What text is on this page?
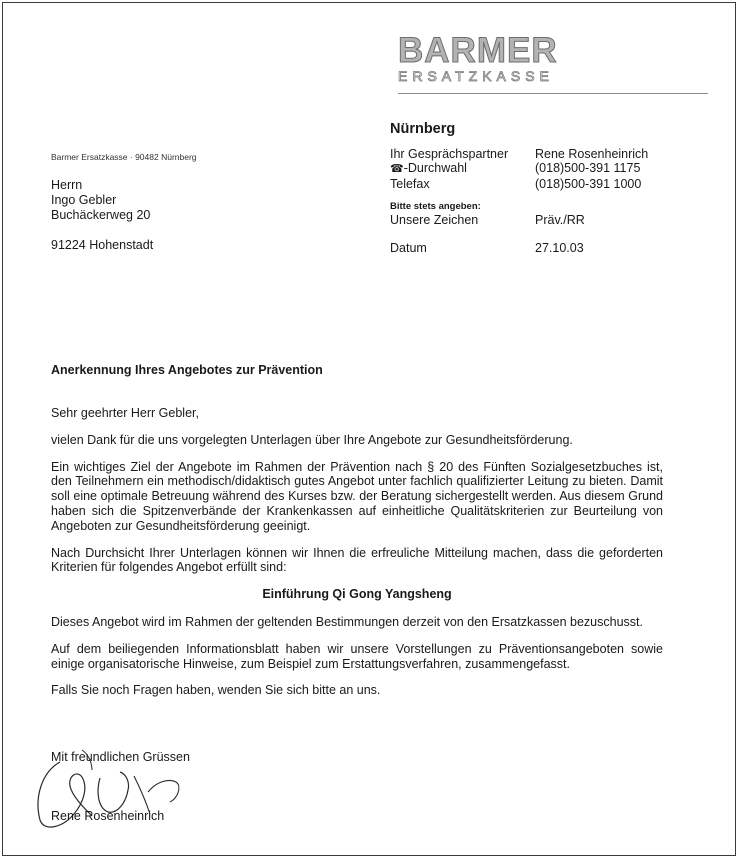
BARMER
ERSATZKASSE
Barmer Ersatzkasse · 90482 Nürnberg
Herrn
Ingo Gebler
Buchäckerweg 20
91224 Hohenstadt
Nürnberg
Ihr Gesprächspartner	Rene Rosenheinrich
☎-Durchwahl	(018)500-391 1175
Telefax	(018)500-391 1000
Bitte stets angeben:
Unsere Zeichen	Präv./RR
Datum	27.10.03
Anerkennung Ihres Angebotes zur Prävention

Sehr geehrter Herr Gebler,

vielen Dank für die uns vorgelegten Unterlagen über Ihre Angebote zur Gesundheitsförderung.

Ein wichtiges Ziel der Angebote im Rahmen der Prävention nach § 20 des Fünften Sozialgesetzbuches ist, den Teilnehmern ein methodisch/didaktisch gutes Angebot unter fachlich qualifizierter Leitung zu bieten. Damit soll eine optimale Betreuung während des Kurses bzw. der Beratung sichergestellt werden. Aus diesem Grund haben sich die Spitzenverbände der Krankenkassen auf einheitliche Qualitätskriterien zur Beurteilung von Angeboten zur Gesundheitsförderung geeinigt.

Nach Durchsicht Ihrer Unterlagen können wir Ihnen die erfreuliche Mitteilung machen, dass die geforderten Kriterien für folgendes Angebot erfüllt sind:

Einführung Qi Gong Yangsheng

Dieses Angebot wird im Rahmen der geltenden Bestimmungen derzeit von den Ersatzkassen bezuschusst.

Auf dem beiliegenden Informationsblatt haben wir unsere Vorstellungen zu Präventionsangeboten sowie einige organisatorische Hinweise, zum Beispiel zum Erstattungsverfahren, zusammengefasst.

Falls Sie noch Fragen haben, wenden Sie sich bitte an uns.

Mit freundlichen Grüssen
Rene Rosenheinrich
